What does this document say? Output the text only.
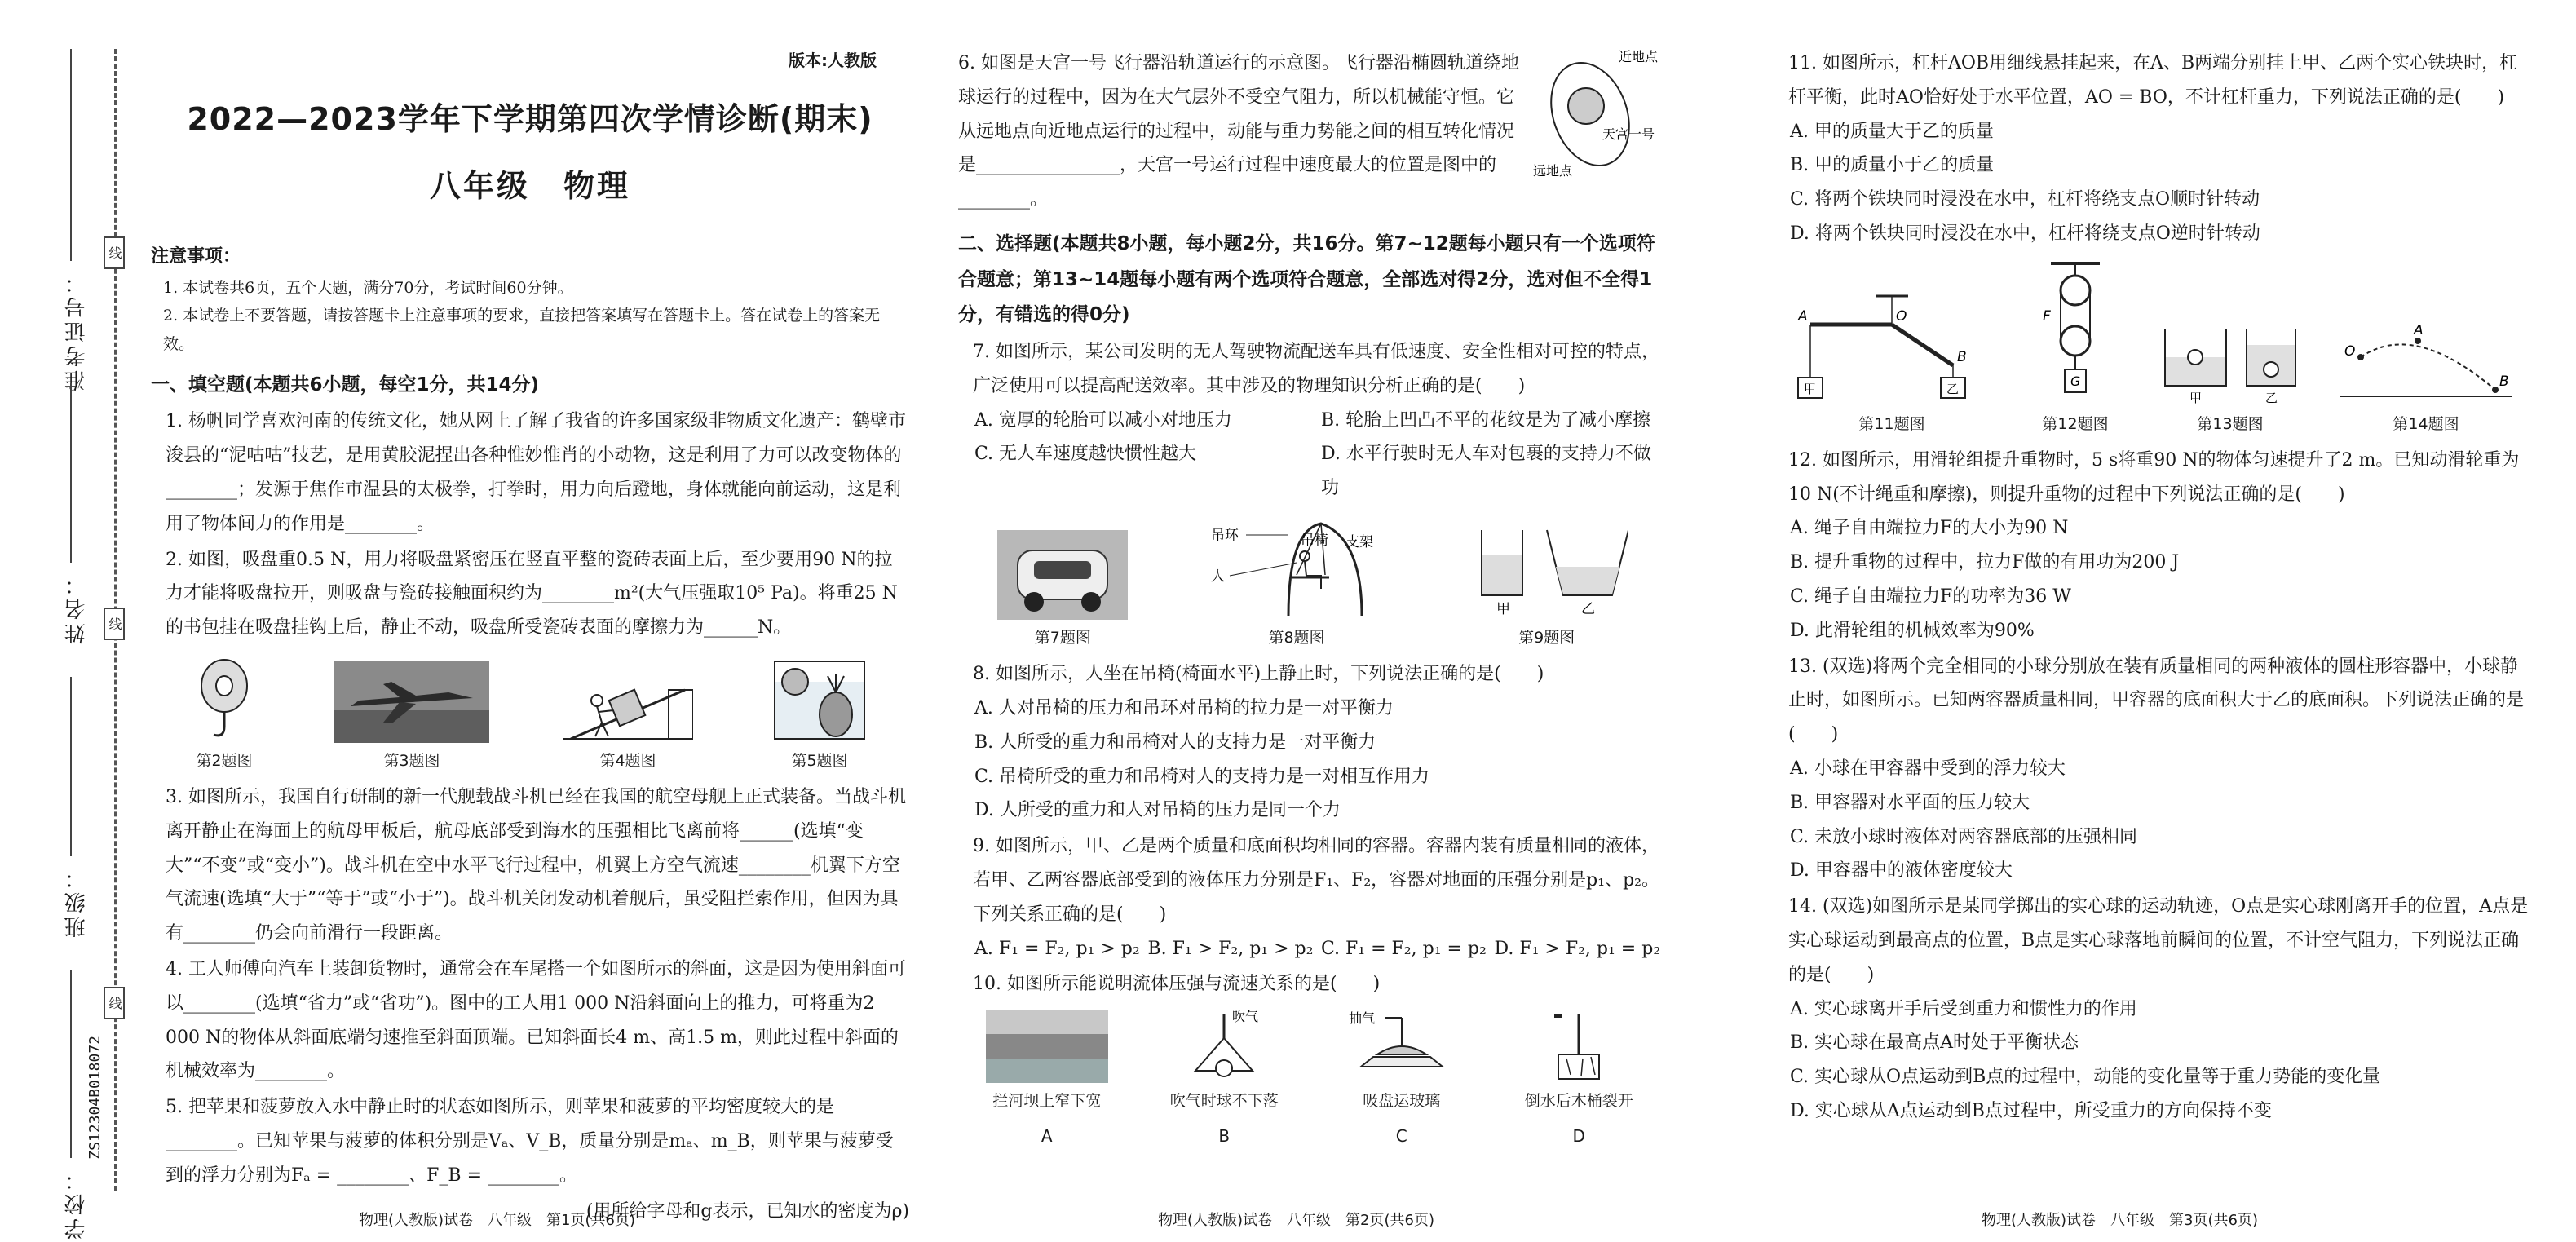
线
线
线
准考证号：
姓名：
班级：
学校：
ZS12304B018072
版本:人教版
2022—2023学年下学期第四次学情诊断(期末)
八年级　物理
注意事项：
1. 本试卷共6页，五个大题，满分70分，考试时间60分钟。
2. 本试卷上不要答题，请按答题卡上注意事项的要求，直接把答案填写在答题卡上。答在试卷上的答案无效。
一、填空题(本题共6小题，每空1分，共14分)
1. 杨帆同学喜欢河南的传统文化，她从网上了解了我省的许多国家级非物质文化遗产：鹤壁市浚县的“泥咕咕”技艺，是用黄胶泥捏出各种惟妙惟肖的小动物，这是利用了力可以改变物体的________；发源于焦作市温县的太极拳，打拳时，用力向后蹬地，身体就能向前运动，这是利用了物体间力的作用是________。
2. 如图，吸盘重0.5 N，用力将吸盘紧密压在竖直平整的瓷砖表面上后，至少要用90 N的拉力才能将吸盘拉开，则吸盘与瓷砖接触面积约为________m²(大气压强取10⁵ Pa)。将重25 N的书包挂在吸盘挂钩上后，静止不动，吸盘所受瓷砖表面的摩擦力为______N。
第2题图	第3题图	第4题图	第5题图
3. 如图所示，我国自行研制的新一代舰载战斗机已经在我国的航空母舰上正式装备。当战斗机离开静止在海面上的航母甲板后，航母底部受到海水的压强相比飞离前将______(选填“变大”“不变”或“变小”)。战斗机在空中水平飞行过程中，机翼上方空气流速________机翼下方空气流速(选填“大于”“等于”或“小于”)。战斗机关闭发动机着舰后，虽受阻拦索作用，但因为具有________仍会向前滑行一段距离。
4. 工人师傅向汽车上装卸货物时，通常会在车尾搭一个如图所示的斜面，这是因为使用斜面可以________(选填“省力”或“省功”)。图中的工人用1 000 N沿斜面向上的推力，可将重为2 000 N的物体从斜面底端匀速推至斜面顶端。已知斜面长4 m、高1.5 m，则此过程中斜面的机械效率为________。
5. 把苹果和菠萝放入水中静止时的状态如图所示，则苹果和菠萝的平均密度较大的是________。已知苹果与菠萝的体积分别是Vₐ、V_B，质量分别是mₐ、m_B，则苹果与菠萝受到的浮力分别为Fₐ = ________、F_B = ________。
(用所给字母和g表示，已知水的密度为ρ)
6. 如图是天宫一号飞行器沿轨道运行的示意图。飞行器沿椭圆轨道绕地球运行的过程中，因为在大气层外不受空气阻力，所以机械能守恒。它从远地点向近地点运行的过程中，动能与重力势能之间的相互转化情况是________________，天宫一号运行过程中速度最大的位置是图中的________。
近地点
远地点
天宫一号
二、选择题(本题共8小题，每小题2分，共16分。第7~12题每小题只有一个选项符合题意；第13~14题每小题有两个选项符合题意，全部选对得2分，选对但不全得1分，有错选的得0分)
7. 如图所示，某公司发明的无人驾驶物流配送车具有低速度、安全性相对可控的特点，广泛使用可以提高配送效率。其中涉及的物理知识分析正确的是(　　)
A. 宽厚的轮胎可以减小对地压力	B. 轮胎上凹凸不平的花纹是为了减小摩擦
C. 无人车速度越快惯性越大	D. 水平行驶时无人车对包裹的支持力不做功
第7题图
吊环	吊椅 支架
人
第8题图
甲	乙
第9题图
8. 如图所示，人坐在吊椅(椅面水平)上静止时，下列说法正确的是(　　)
A. 人对吊椅的压力和吊环对吊椅的拉力是一对平衡力
B. 人所受的重力和吊椅对人的支持力是一对平衡力
C. 吊椅所受的重力和吊椅对人的支持力是一对相互作用力
D. 人所受的重力和人对吊椅的压力是同一个力
9. 如图所示，甲、乙是两个质量和底面积均相同的容器。容器内装有质量相同的液体，若甲、乙两容器底部受到的液体压力分别是F₁、F₂，容器对地面的压强分别是p₁、p₂。下列关系正确的是(　　)
A. F₁ = F₂, p₁ > p₂ B. F₁ > F₂, p₁ > p₂ C. F₁ = F₂, p₁ = p₂ D. F₁ > F₂, p₁ = p₂
10. 如图所示能说明流体压强与流速关系的是(　　)
拦河坝上窄下宽
A
吹气
吹气时球不下落
B
抽气
吸盘运玻璃
C
倒水后木桶裂开
D
11. 如图所示，杠杆AOB用细线悬挂起来，在A、B两端分别挂上甲、乙两个实心铁块时，杠杆平衡，此时AO恰好处于水平位置，AO = BO，不计杠杆重力，下列说法正确的是(　　)
A. 甲的质量大于乙的质量
B. 甲的质量小于乙的质量
C. 将两个铁块同时浸没在水中，杠杆将绕支点O顺时针转动
D. 将两个铁块同时浸没在水中，杠杆将绕支点O逆时针转动
A	O
B
甲	乙
第11题图
F
G
第12题图
甲	乙
第13题图
O
A
B
第14题图
12. 如图所示，用滑轮组提升重物时，5 s将重90 N的物体匀速提升了2 m。已知动滑轮重为10 N(不计绳重和摩擦)，则提升重物的过程中下列说法正确的是(　　)
A. 绳子自由端拉力F的大小为90 N
B. 提升重物的过程中，拉力F做的有用功为200 J
C. 绳子自由端拉力F的功率为36 W
D. 此滑轮组的机械效率为90%
13. (双选)将两个完全相同的小球分别放在装有质量相同的两种液体的圆柱形容器中，小球静止时，如图所示。已知两容器质量相同，甲容器的底面积大于乙的底面积。下列说法正确的是(　　)
A. 小球在甲容器中受到的浮力较大
B. 甲容器对水平面的压力较大
C. 未放小球时液体对两容器底部的压强相同
D. 甲容器中的液体密度较大
14. (双选)如图所示是某同学掷出的实心球的运动轨迹，O点是实心球刚离开手的位置，A点是实心球运动到最高点的位置，B点是实心球落地前瞬间的位置，不计空气阻力，下列说法正确的是(　　)
A. 实心球离开手后受到重力和惯性力的作用
B. 实心球在最高点A时处于平衡状态
C. 实心球从O点运动到B点的过程中，动能的变化量等于重力势能的变化量
D. 实心球从A点运动到B点过程中，所受重力的方向保持不变
物理(人教版)试卷　八年级　第1页(共6页)	物理(人教版)试卷　八年级　第2页(共6页)	物理(人教版)试卷　八年级　第3页(共6页)
